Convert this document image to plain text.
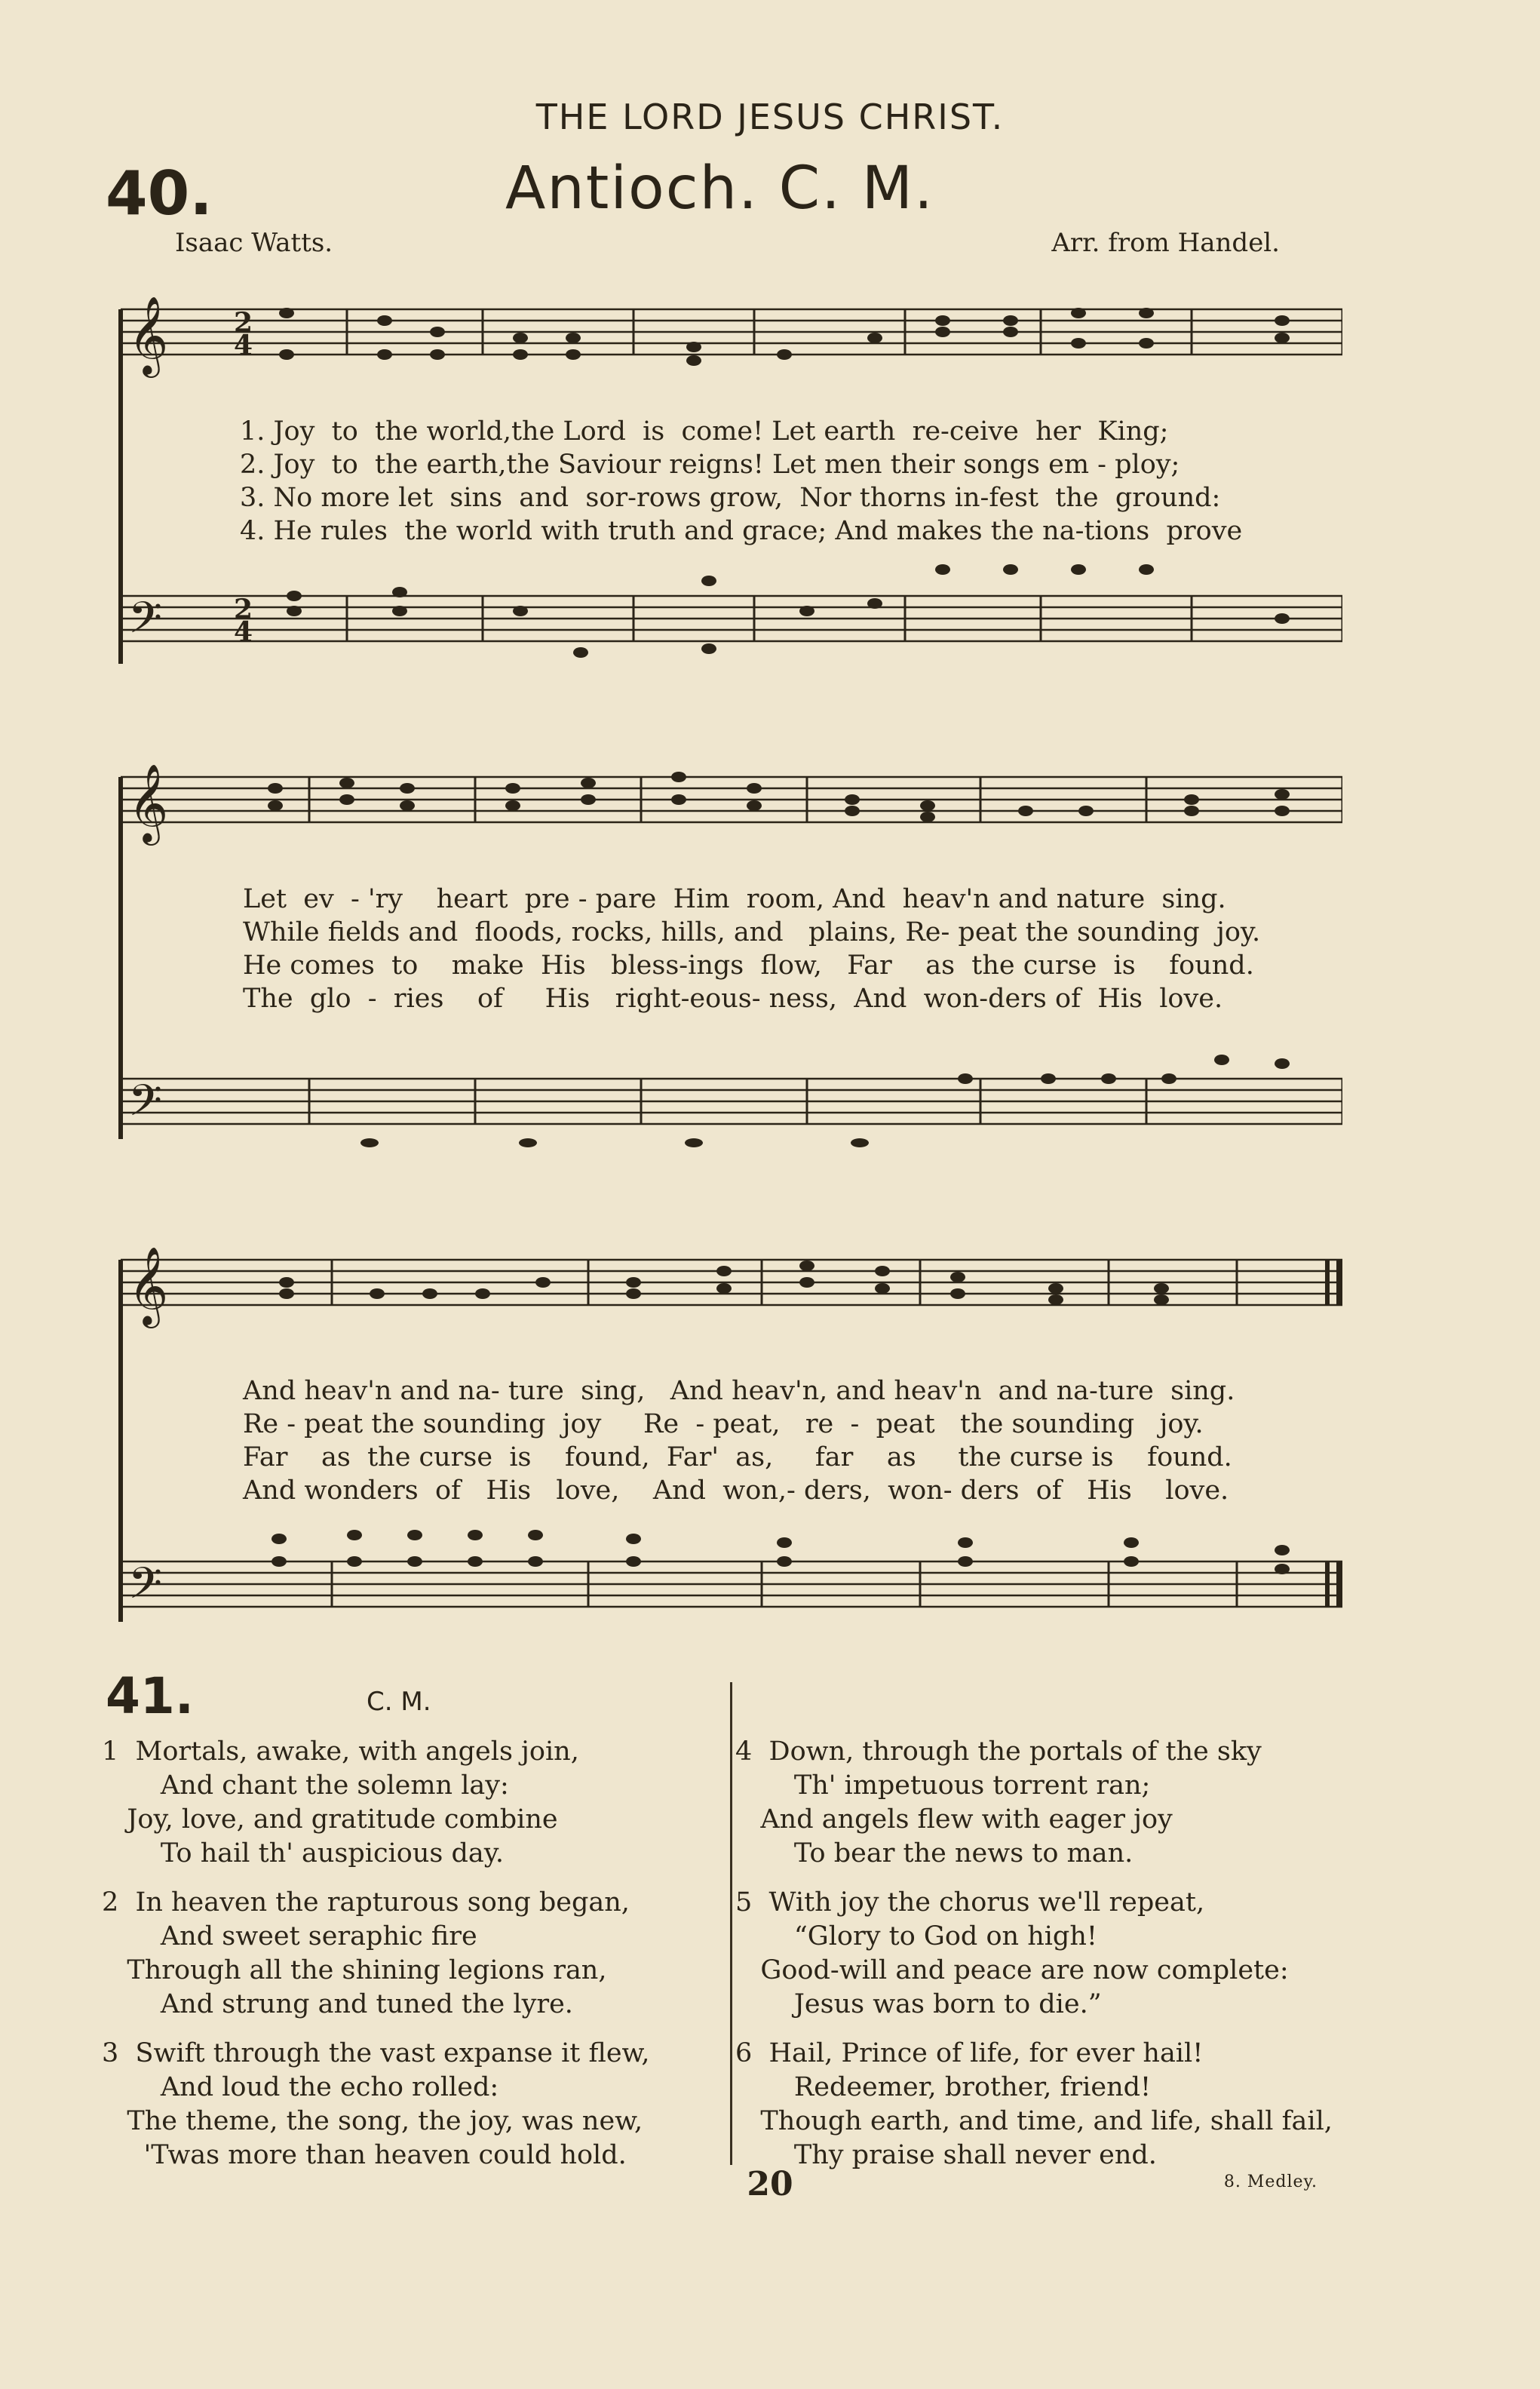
THE LORD JESUS CHRIST.
40.	Antioch. C. M.
Isaac Watts.	Arr. from Handel.
𝄞
𝄢
2
4
2
4
1. Joy  to  the world,the Lord  is  come! Let earth  re-ceive  her  King;
2. Joy  to  the earth,the Saviour reigns! Let men their songs em - ploy;
3. No more let  sins  and  sor-rows grow,  Nor thorns in-fest  the  ground:
4. He rules  the world with truth and grace; And makes the na-tions  prove
𝄞
𝄢
Let  ev  - 'ry    heart  pre - pare  Him  room, And  heav'n and nature  sing.
While fields and  floods, rocks, hills, and   plains, Re- peat the sounding  joy.
He comes  to    make  His   bless-ings  flow,   Far    as  the curse  is    found.
The  glo  -  ries    of     His   right-eous- ness,  And  won-ders of  His  love.
𝄞
𝄢
And heav'n and na- ture  sing,   And heav'n, and heav'n  and na-ture  sing.
Re - peat the sounding  joy     Re  - peat,   re  -  peat   the sounding   joy.
Far    as  the curse  is    found,  Far'  as,     far    as     the curse is    found.
And wonders  of   His   love,    And  won,- ders,  won- ders  of   His    love.
41.	C. M.
1  Mortals, awake, with angels join,
And chant the solemn lay:
Joy, love, and gratitude combine
To hail th' auspicious day.
2  In heaven the rapturous song began,
And sweet seraphic fire
Through all the shining legions ran,
And strung and tuned the lyre.
3  Swift through the vast expanse it flew,
And loud the echo rolled:
The theme, the song, the joy, was new,
'Twas more than heaven could hold.
4  Down, through the portals of the sky
Th' impetuous torrent ran;
And angels flew with eager joy
To bear the news to man.
5  With joy the chorus we'll repeat,
“Glory to God on high!
Good-will and peace are now complete:
Jesus was born to die.”
6  Hail, Prince of life, for ever hail!
Redeemer, brother, friend!
Though earth, and time, and life, shall fail,
Thy praise shall never end.
20	8. Medley.
